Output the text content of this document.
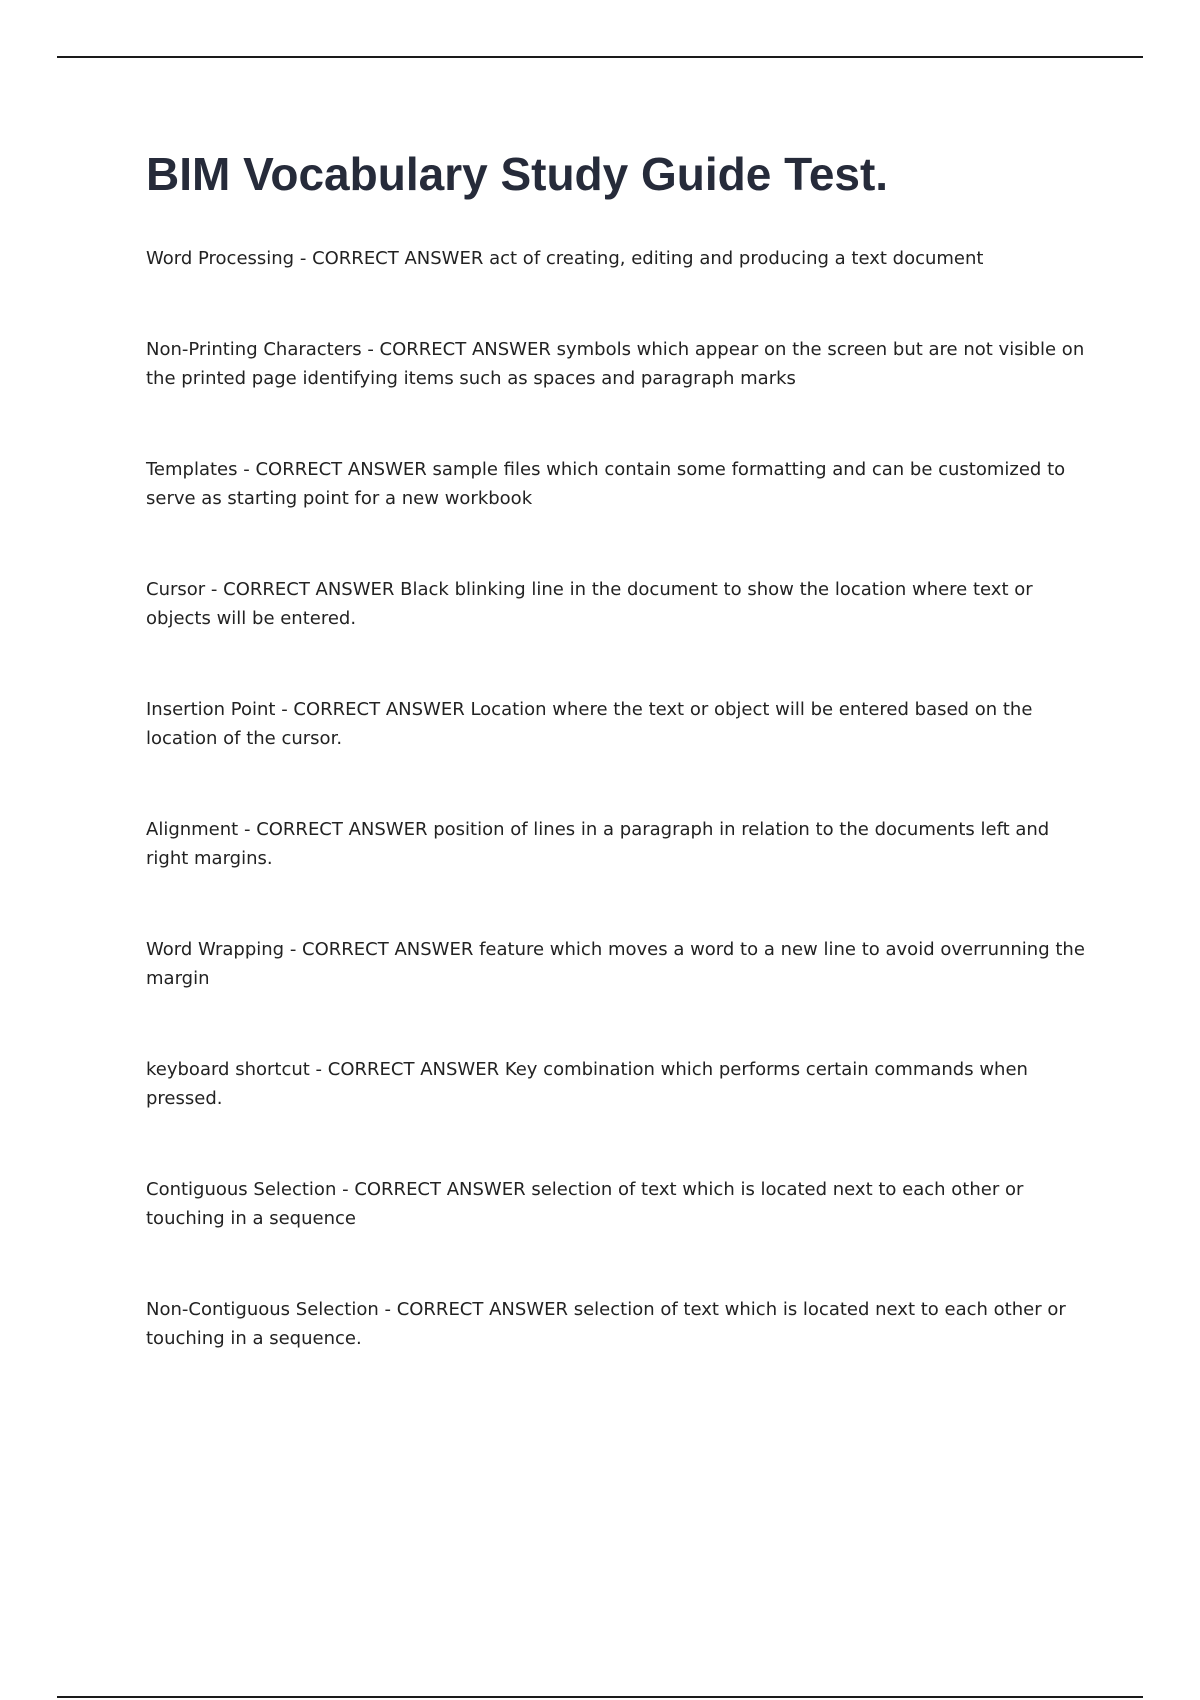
BIM Vocabulary Study Guide Test.
Word Processing - CORRECT ANSWER act of creating, editing and producing a text document
Non-Printing Characters - CORRECT ANSWER symbols which appear on the screen but are not visible on the printed page identifying items such as spaces and paragraph marks
Templates - CORRECT ANSWER sample files which contain some formatting and can be customized to serve as starting point for a new workbook
Cursor - CORRECT ANSWER Black blinking line in the document to show the location where text or objects will be entered.
Insertion Point - CORRECT ANSWER Location where the text or object will be entered based on the location of the cursor.
Alignment - CORRECT ANSWER position of lines in a paragraph in relation to the documents left and right margins.
Word Wrapping - CORRECT ANSWER feature which moves a word to a new line to avoid overrunning the margin
keyboard shortcut - CORRECT ANSWER Key combination which performs certain commands when pressed.
Contiguous Selection - CORRECT ANSWER selection of text which is located next to each other or touching in a sequence
Non-Contiguous Selection - CORRECT ANSWER selection of text which is located next to each other or touching in a sequence.
